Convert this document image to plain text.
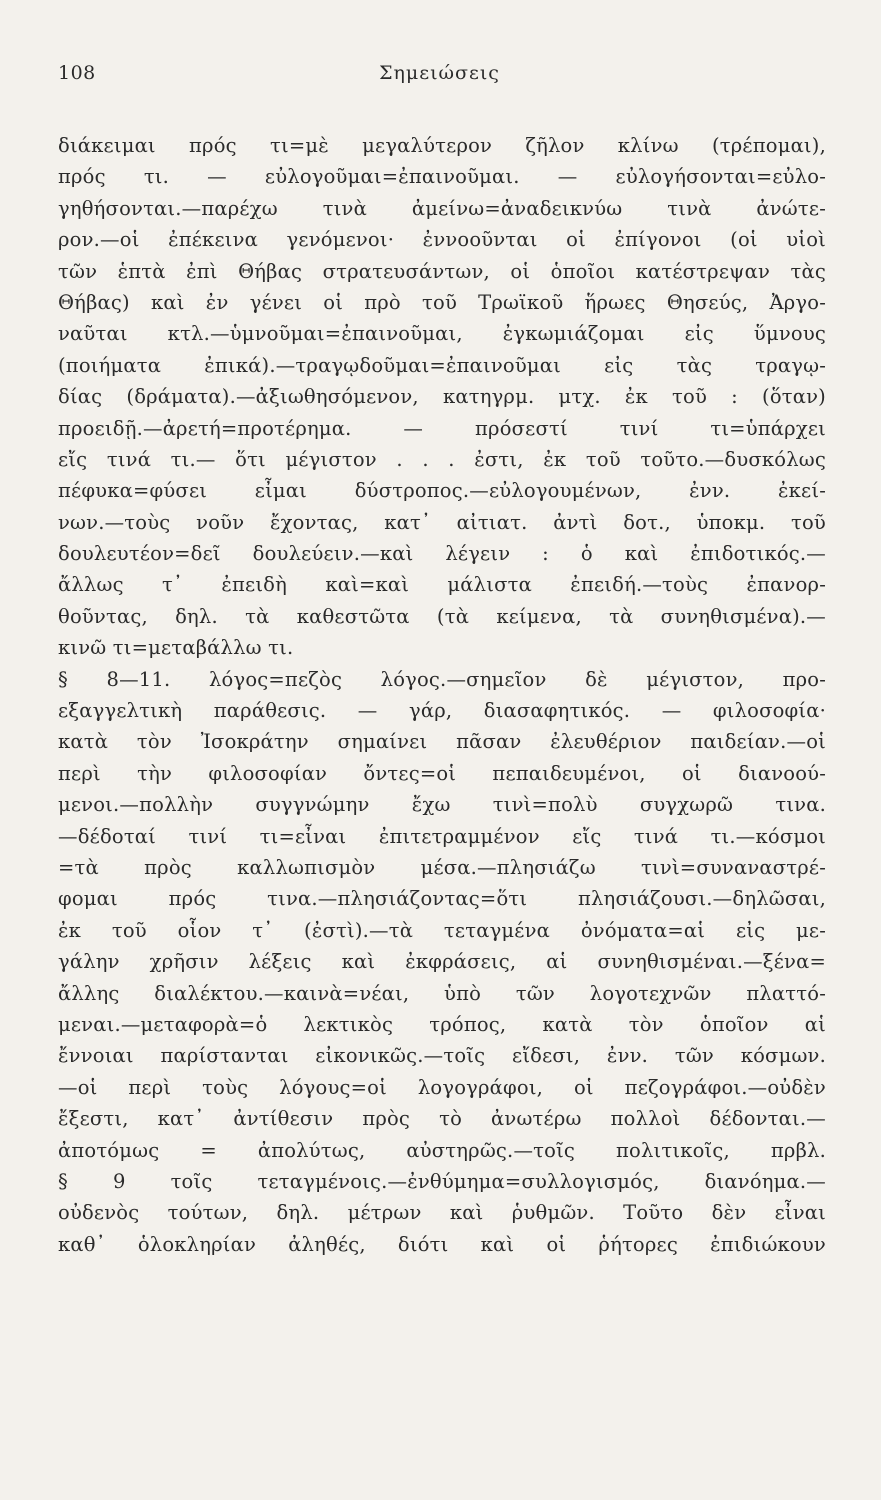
108	Σημειώσεις
διάκειμαι πρός τι=μὲ μεγαλύτερον ζῆλον κλίνω (τρέπομαι),
πρός τι. — εὐλογοῦμαι=ἐπαινοῦμαι. — εὐλογήσονται=εὐλο-
γηθήσονται.—παρέχω τινὰ ἀμείνω=ἀναδεικνύω τινὰ ἀνώτε-
ρον.—οἱ ἐπέκεινα γενόμενοι· ἐννοοῦνται οἱ ἐπίγονοι (οἱ υἱοὶ
τῶν ἑπτὰ ἐπὶ Θήβας στρατευσάντων, οἱ ὁποῖοι κατέστρεψαν τὰς
Θήβας) καὶ ἐν γένει οἱ πρὸ τοῦ Τρωϊκοῦ ἥρωες Θησεύς, Ἀργο-
ναῦται κτλ.—ὑμνοῦμαι=ἐπαινοῦμαι, ἐγκωμιάζομαι εἰς ὕμνους
(ποιήματα ἐπικά).—τραγῳδοῦμαι=ἐπαινοῦμαι εἰς τὰς τραγῳ-
δίας (δράματα).—ἀξιωθησόμενον, κατηγρμ. μτχ. ἐκ τοῦ : (ὅταν)
προειδῇ.—ἀρετή=προτέρημα. — πρόσεστί τινί τι=ὑπάρχει
εἴς τινά τι.— ὅτι μέγιστον . . . ἐστι, ἐκ τοῦ τοῦτο.—δυσκόλως
πέφυκα=φύσει εἶμαι δύστροπος.—εὐλογουμένων, ἐνν. ἐκεί-
νων.—τοὺς νοῦν ἔχοντας, κατ᾽ αἰτιατ. ἀντὶ δοτ., ὑποκμ. τοῦ
δουλευτέον=δεῖ δουλεύειν.—καὶ λέγειν : ὁ καὶ ἐπιδοτικός.—
ἄλλως τ᾽ ἐπειδὴ καὶ=καὶ μάλιστα ἐπειδή.—τοὺς ἐπανορ-
θοῦντας, δηλ. τὰ καθεστῶτα (τὰ κείμενα, τὰ συνηθισμένα).—
κινῶ τι=μεταβάλλω τι.
§ 8—11. λόγος=πεζὸς λόγος.—σημεῖον δὲ μέγιστον, προ-
εξαγγελτικὴ παράθεσις. — γάρ, διασαφητικός. — φιλοσοφία·
κατὰ τὸν Ἰσοκράτην σημαίνει πᾶσαν ἐλευθέριον παιδείαν.—οἱ
περὶ τὴν φιλοσοφίαν ὄντες=οἱ πεπαιδευμένοι, οἱ διανοού-
μενοι.—πολλὴν συγγνώμην ἔχω τινὶ=πολὺ συγχωρῶ τινα.
—δέδοταί τινί τι=εἶναι ἐπιτετραμμένον εἴς τινά τι.—κόσμοι
=τὰ πρὸς καλλωπισμὸν μέσα.—πλησιάζω τινὶ=συναναστρέ-
φομαι πρός τινα.—πλησιάζοντας=ὅτι πλησιάζουσι.—δηλῶσαι,
ἐκ τοῦ οἷον τ᾽ (ἐστὶ).—τὰ τεταγμένα ὀνόματα=αἱ εἰς με-
γάλην χρῆσιν λέξεις καὶ ἐκφράσεις, αἱ συνηθισμέναι.—ξένα=
ἄλλης διαλέκτου.—καινὰ=νέαι, ὑπὸ τῶν λογοτεχνῶν πλαττό-
μεναι.—μεταφορὰ=ὁ λεκτικὸς τρόπος, κατὰ τὸν ὁποῖον αἱ
ἔννοιαι παρίστανται εἰκονικῶς.—τοῖς εἴδεσι, ἐνν. τῶν κόσμων.
—οἱ περὶ τοὺς λόγους=οἱ λογογράφοι, οἱ πεζογράφοι.—οὐδὲν
ἔξεστι, κατ᾽ ἀντίθεσιν πρὸς τὸ ἀνωτέρω πολλοὶ δέδονται.—
ἀποτόμως = ἀπολύτως, αὐστηρῶς.—τοῖς πολιτικοῖς, πρβλ.
§ 9 τοῖς τεταγμένοις.—ἐνθύμημα=συλλογισμός, διανόημα.—
οὐδενὸς τούτων, δηλ. μέτρων καὶ ῥυθμῶν. Τοῦτο δὲν εἶναι
καθ᾽ ὁλοκληρίαν ἀληθές, διότι καὶ οἱ ῥήτορες ἐπιδιώκουν
